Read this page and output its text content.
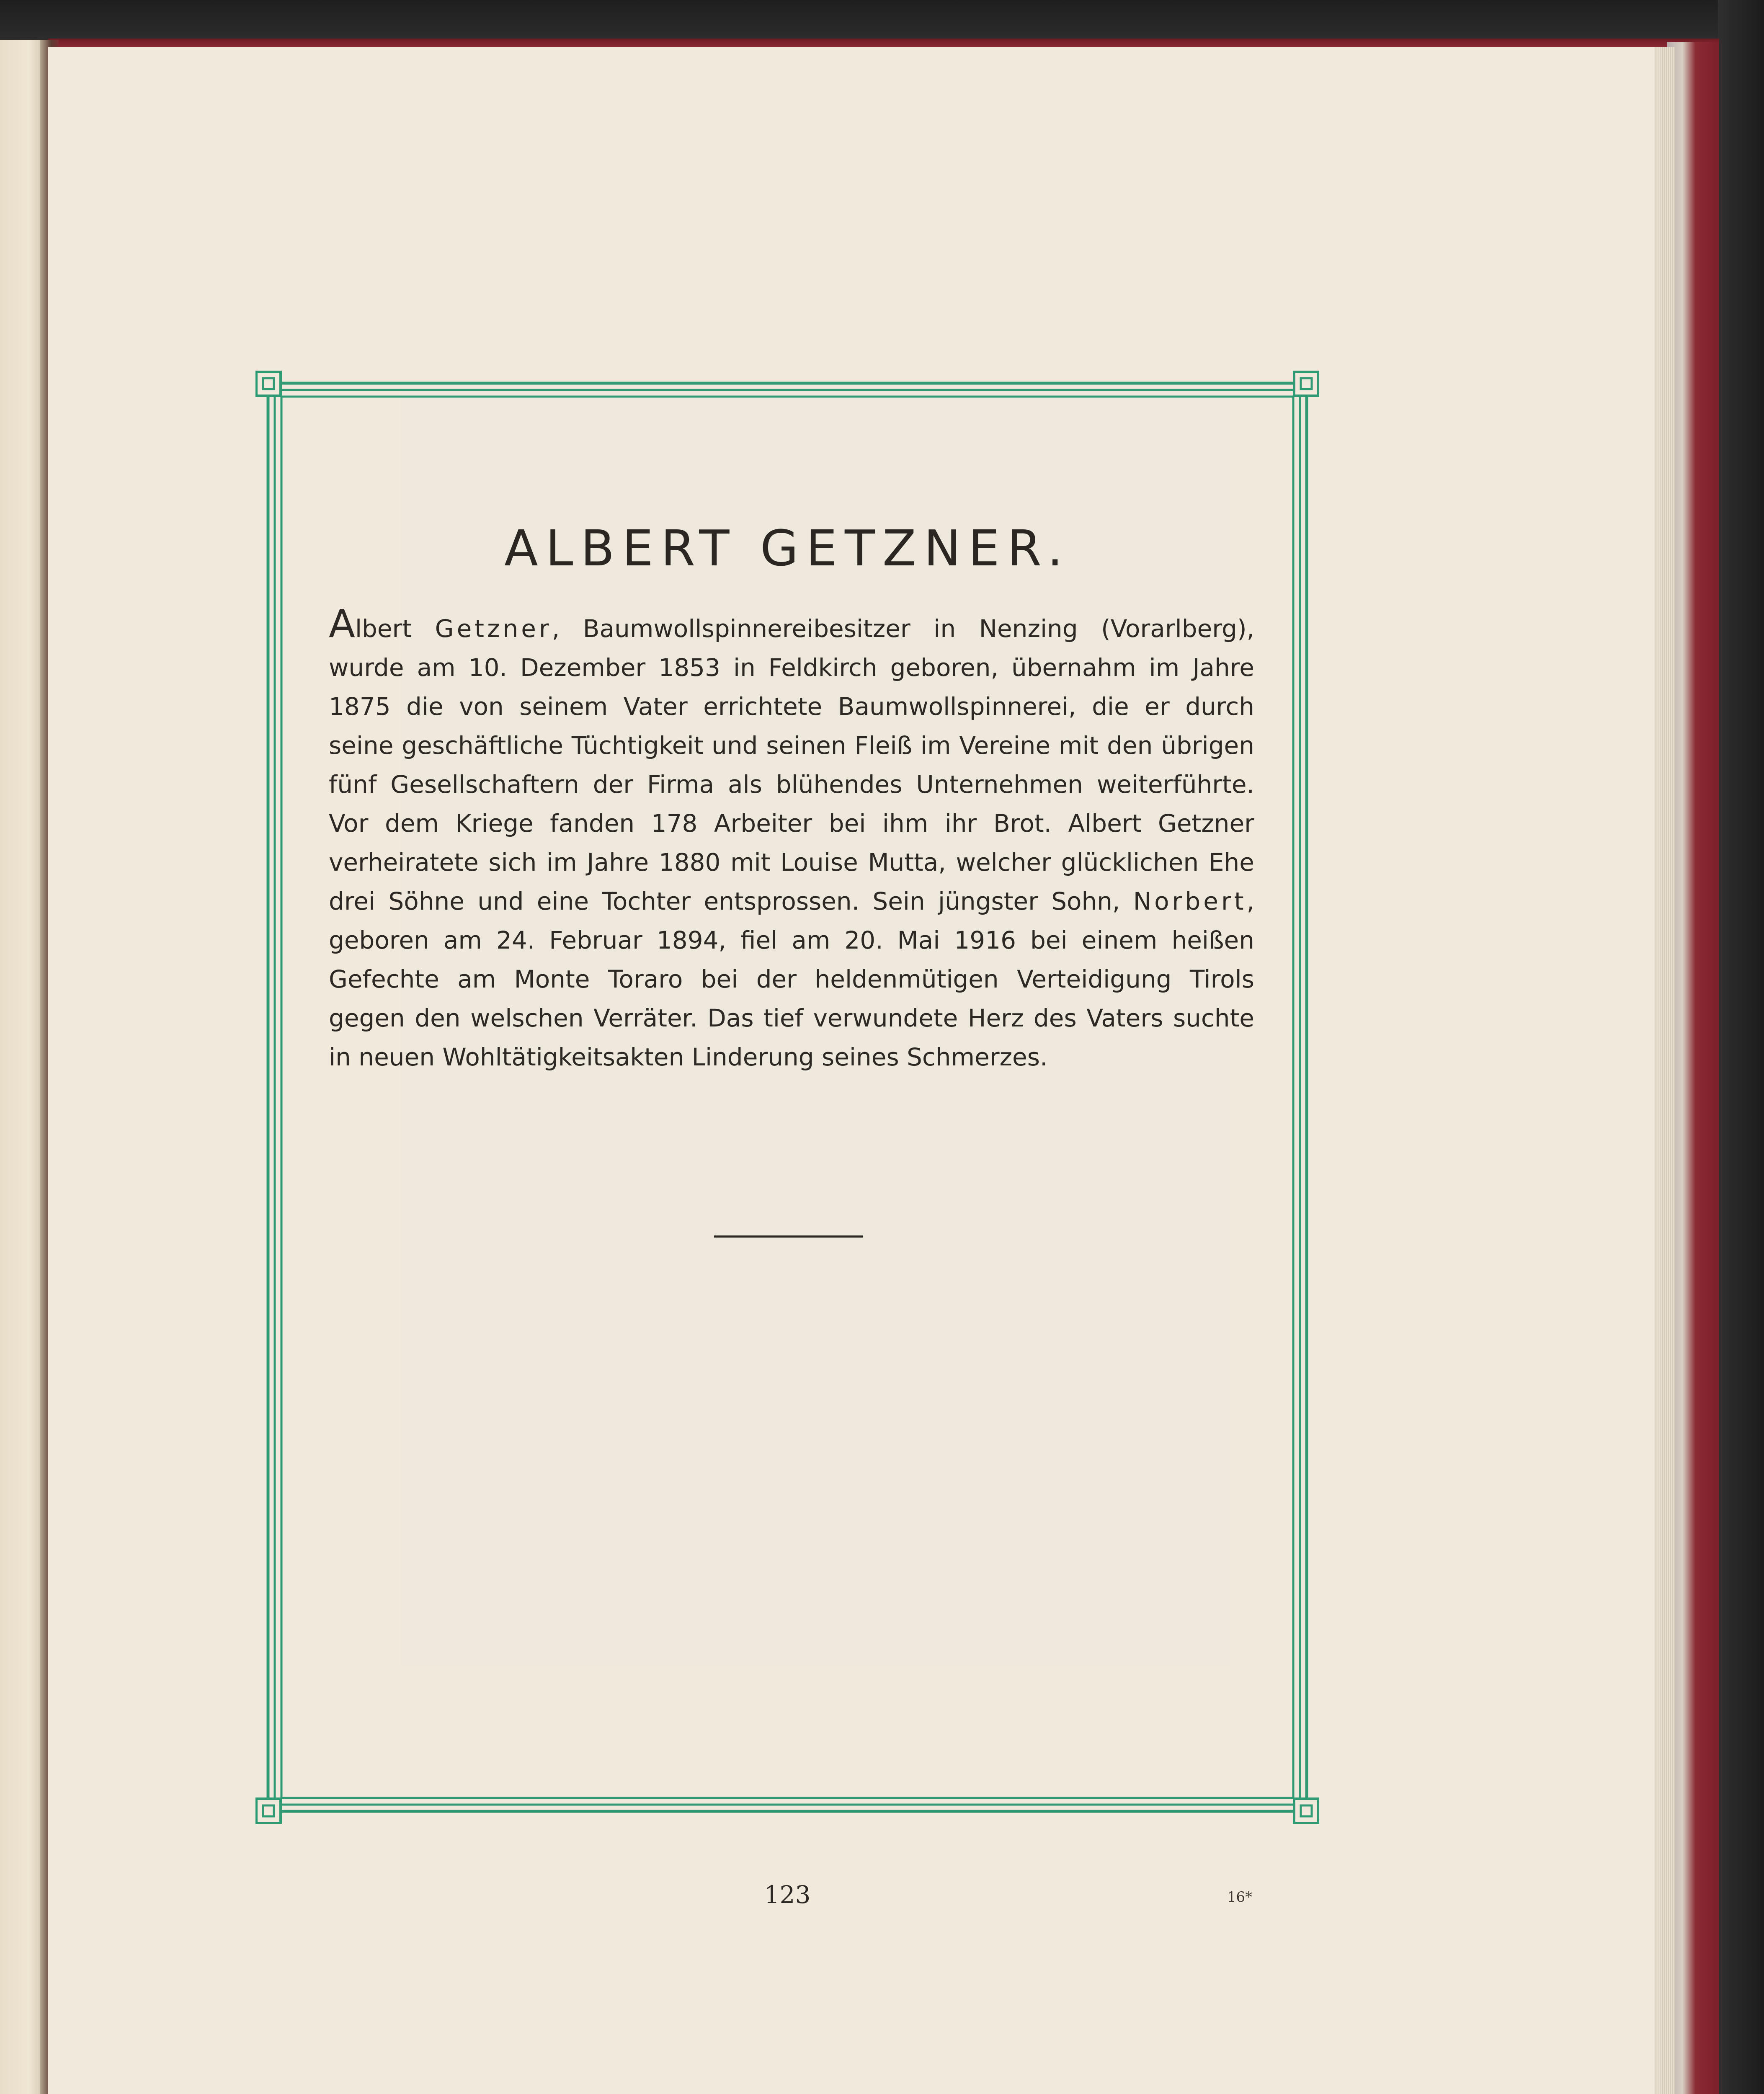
ALBERT GETZNER.

Albert Getzner, Baumwollspinnereibesitzer in Nenzing (Vorarlberg), wurde am 10. Dezember 1853 in Feldkirch geboren, übernahm im Jahre 1875 die von seinem Vater errichtete Baumwollspinnerei, die er durch seine geschäftliche Tüchtigkeit und seinen Fleiß im Vereine mit den übrigen fünf Gesellschaftern der Firma als blühendes Unternehmen weiterführte. Vor dem Kriege fanden 178 Arbeiter bei ihm ihr Brot. Albert Getzner verheiratete sich im Jahre 1880 mit Louise Mutta, welcher glücklichen Ehe drei Söhne und eine Tochter entsprossen. Sein jüngster Sohn, Norbert, geboren am 24. Februar 1894, fiel am 20. Mai 1916 bei einem heißen Gefechte am Monte Toraro bei der heldenmütigen Verteidigung Tirols gegen den welschen Verräter. Das tief verwundete Herz des Vaters suchte in neuen Wohltätigkeitsakten Linderung seines Schmerzes.

123	16*
